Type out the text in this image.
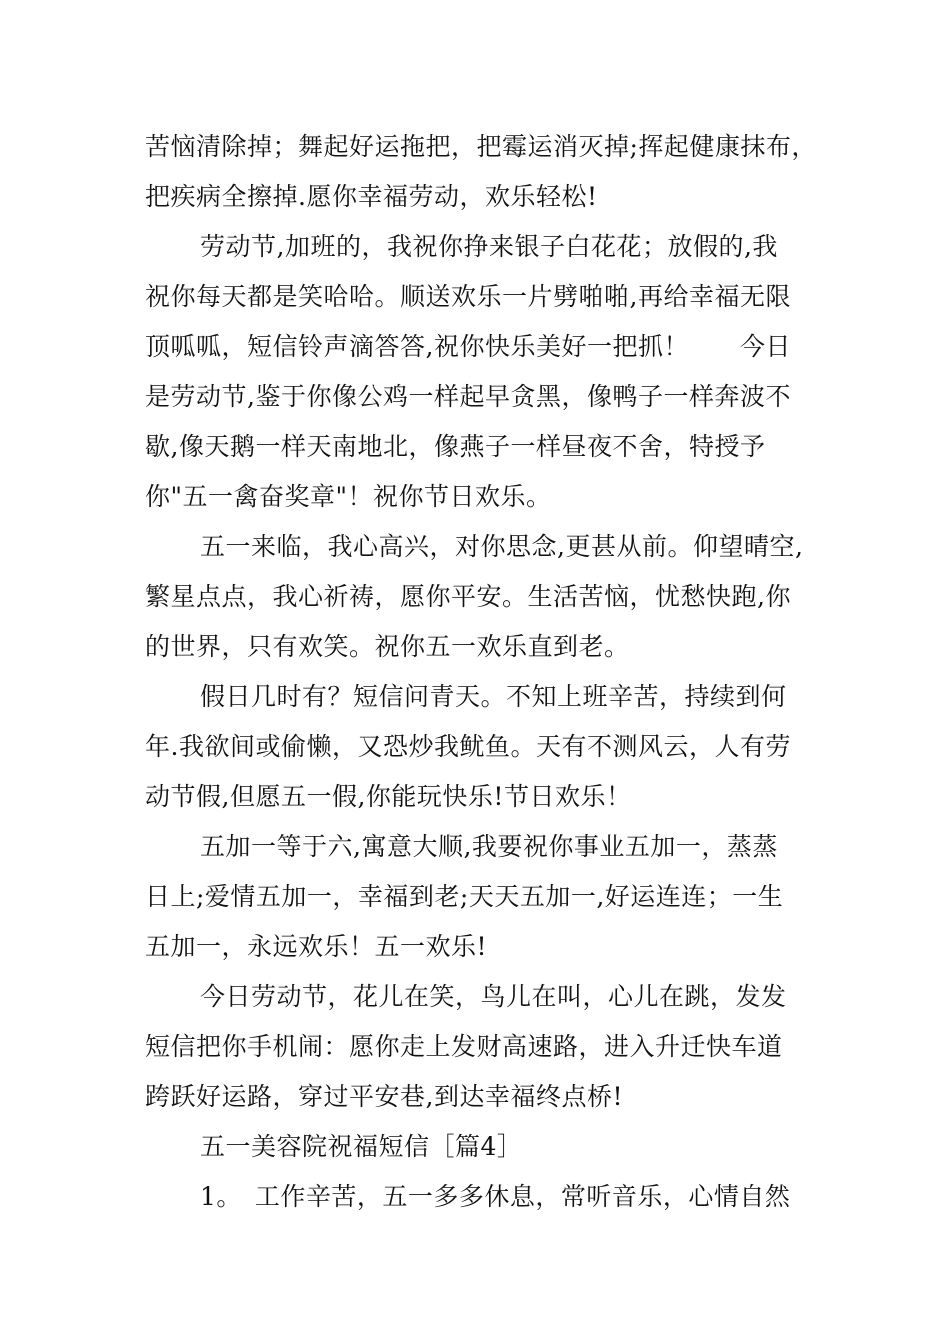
苦恼清除掉；舞起好运拖把，把霉运消灭掉;挥起健康抹布，
把疾病全擦掉.愿你幸福劳动，欢乐轻松!
劳动节,加班的，我祝你挣来银子白花花；放假的,我
祝你每天都是笑哈哈。顺送欢乐一片劈啪啪,再给幸福无限
顶呱呱，短信铃声滴答答,祝你快乐美好一把抓！　　今日
是劳动节,鉴于你像公鸡一样起早贪黑，像鸭子一样奔波不
歇,像天鹅一样天南地北，像燕子一样昼夜不舍，特授予
你"五一禽奋奖章"！祝你节日欢乐。
五一来临，我心高兴，对你思念,更甚从前。仰望晴空,
繁星点点，我心祈祷，愿你平安。生活苦恼，忧愁快跑,你
的世界，只有欢笑。祝你五一欢乐直到老。
假日几时有？短信问青天。不知上班辛苦，持续到何
年.我欲间或偷懒，又恐炒我鱿鱼。天有不测风云，人有劳
动节假,但愿五一假,你能玩快乐!节日欢乐！
五加一等于六,寓意大顺,我要祝你事业五加一，蒸蒸
日上;爱情五加一，幸福到老;天天五加一,好运连连；一生
五加一，永远欢乐！五一欢乐!
今日劳动节，花儿在笑，鸟儿在叫，心儿在跳，发发
短信把你手机闹：愿你走上发财高速路，进入升迁快车道
跨跃好运路，穿过平安巷,到达幸福终点桥!
五一美容院祝福短信［篇4］
1。　工作辛苦，五一多多休息，常听音乐，心情自然
